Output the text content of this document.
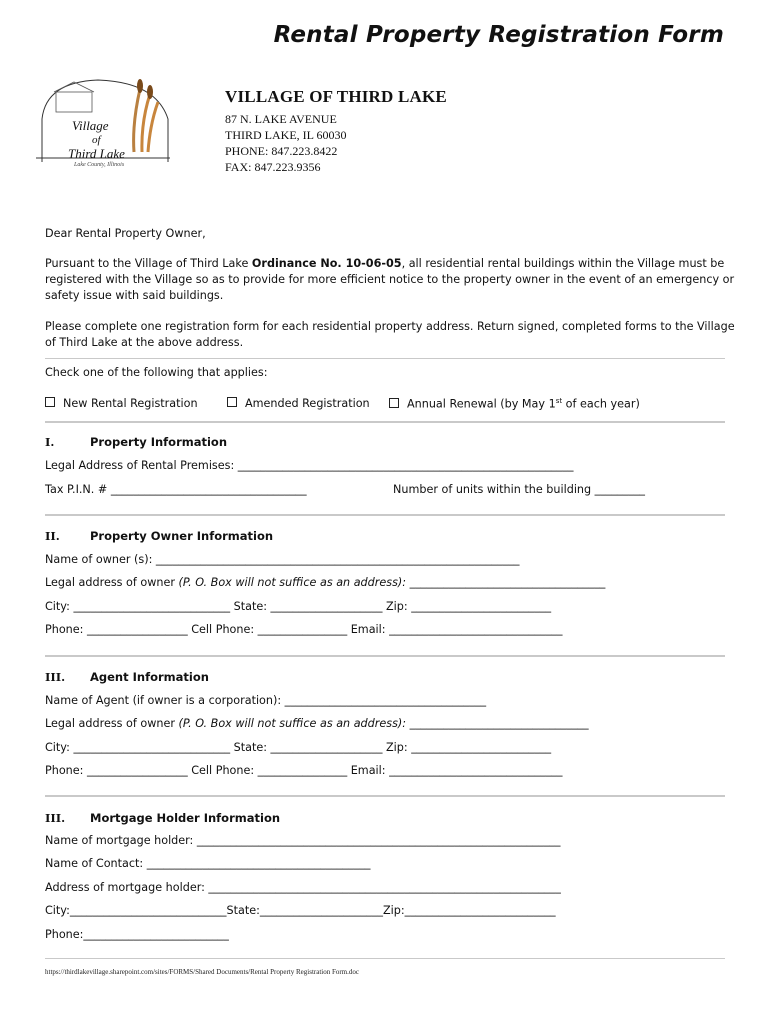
Rental Property Registration Form
Village
of
Third Lake
Lake County, Illinois
VILLAGE OF THIRD LAKE
87 N. LAKE AVENUE
THIRD LAKE, IL 60030
PHONE: 847.223.8422
FAX: 847.223.9356
Dear Rental Property Owner,
Pursuant to the Village of Third Lake Ordinance No. 10-06-05, all residential rental buildings within the Village must be registered with the Village so as to provide for more efficient notice to the property owner in the event of an emergency or safety issue with said buildings.
Please complete one registration form for each residential property address. Return signed, completed forms to the Village of Third Lake at the above address.
Check one of the following that applies:
New Rental Registration	Amended Registration	Annual Renewal (by May 1st of each year)
I.	Property Information
Legal Address of Rental Premises: ____________________________________________________________
Tax P.I.N. # ___________________________________	Number of units within the building _________
II.	Property Owner Information
Name of owner (s): _________________________________________________________________
Legal address of owner (P. O. Box will not suffice as an address): ___________________________________
City: ____________________________ State: ____________________ Zip: _________________________
Phone: __________________ Cell Phone: ________________ Email: _______________________________
III. Agent Information
Name of Agent (if owner is a corporation): ____________________________________
Legal address of owner (P. O. Box will not suffice as an address): ________________________________
City: ____________________________ State: ____________________ Zip: _________________________
Phone: __________________ Cell Phone: ________________ Email: _______________________________
III. Mortgage Holder Information
Name of mortgage holder: _________________________________________________________________
Name of Contact: ________________________________________
Address of mortgage holder: _______________________________________________________________
City:____________________________State:______________________Zip:___________________________
Phone:__________________________
https://thirdlakevillage.sharepoint.com/sites/FORMS/Shared Documents/Rental Property Registration Form.doc
